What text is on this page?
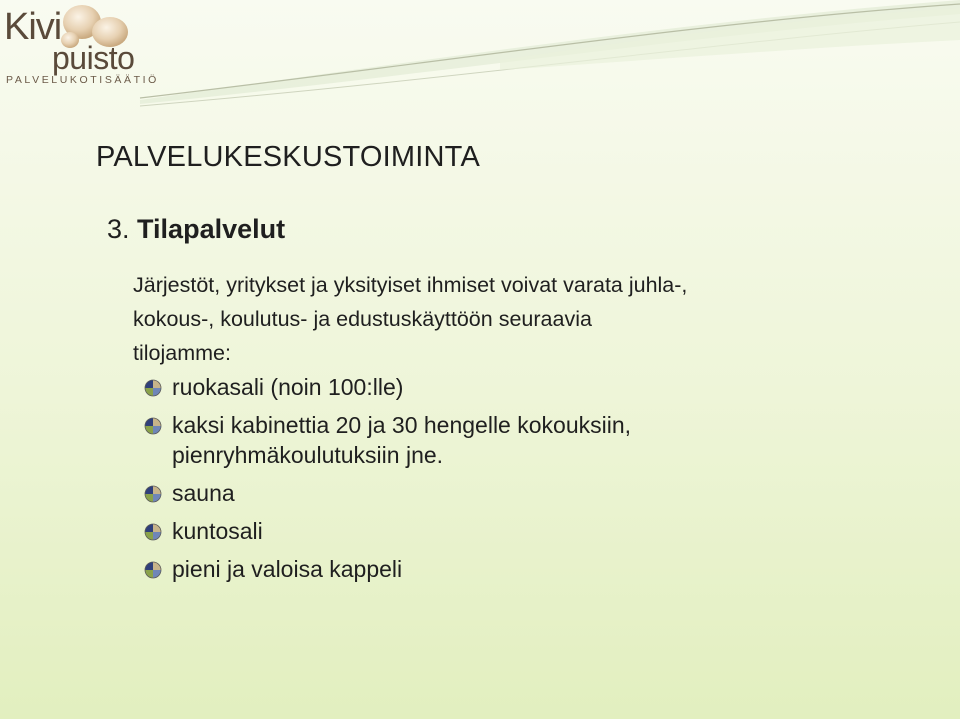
Kivi
puisto
PALVELUKOTISÄÄTIÖ
PALVELUKESKUSTOIMINTA
3. Tilapalvelut
Järjestöt, yritykset ja yksityiset ihmiset voivat varata juhla-,
kokous-, koulutus- ja edustuskäyttöön seuraavia
tilojamme:
ruokasali (noin 100:lle)
kaksi kabinettia 20 ja 30 hengelle kokouksiin, pienryhmäkoulutuksiin jne.
sauna
kuntosali
pieni ja valoisa kappeli
